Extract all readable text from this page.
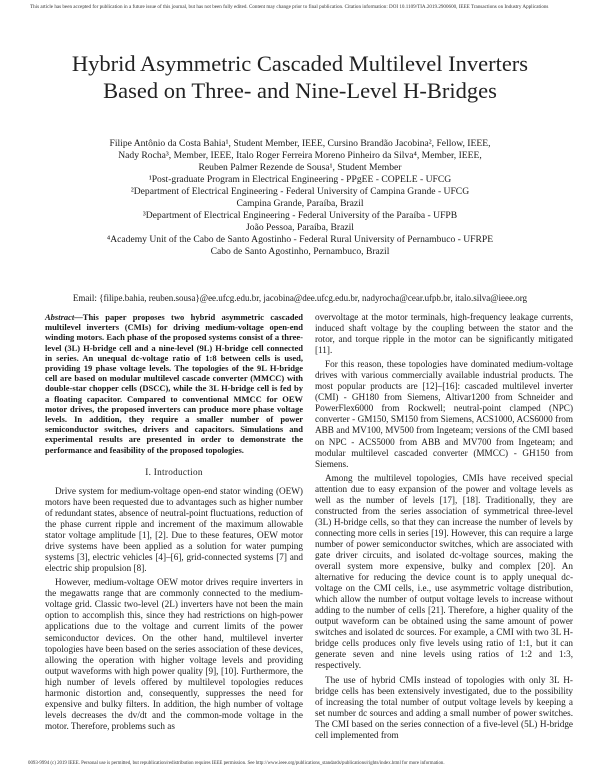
This article has been accepted for publication in a future issue of this journal, but has not been fully edited. Content may change prior to final publication. Citation information: DOI 10.1109/TIA.2019.2900600, IEEE Transactions on Industry Applications
Hybrid Asymmetric Cascaded Multilevel Inverters
Based on Three- and Nine-Level H-Bridges

Filipe Antônio da Costa Bahia¹, Student Member, IEEE, Cursino Brandão Jacobina², Fellow, IEEE,

Nady Rocha³, Member, IEEE, Italo Roger Ferreira Moreno Pinheiro da Silva⁴, Member, IEEE,

Reuben Palmer Rezende de Sousa¹, Student Member

¹Post-graduate Program in Electrical Engineering - PPgEE - COPELE - UFCG

²Department of Electrical Engineering - Federal University of Campina Grande - UFCG

Campina Grande, Paraíba, Brazil

³Department of Electrical Engineering - Federal University of the Paraíba - UFPB

João Pessoa, Paraíba, Brazil

⁴Academy Unit of the Cabo de Santo Agostinho - Federal Rural University of Pernambuco - UFRPE

Cabo de Santo Agostinho, Pernambuco, Brazil

Email: {filipe.bahia, reuben.sousa}@ee.ufcg.edu.br, jacobina@dee.ufcg.edu.br, nadyrocha@cear.ufpb.br, italo.silva@ieee.org

Abstract—This paper proposes two hybrid asymmetric cascaded multilevel inverters (CMIs) for driving medium-voltage open-end winding motors. Each phase of the proposed systems consist of a three-level (3L) H-bridge cell and a nine-level (9L) H-bridge cell connected in series. An unequal dc-voltage ratio of 1:8 between cells is used, providing 19 phase voltage levels. The topologies of the 9L H-bridge cell are based on modular multilevel cascade converter (MMCC) with double-star chopper cells (DSCC), while the 3L H-bridge cell is fed by a floating capacitor. Compared to conventional MMCC for OEW motor drives, the proposed inverters can produce more phase voltage levels. In addition, they require a smaller number of power semiconductor switches, drivers and capacitors. Simulations and experimental results are presented in order to demonstrate the performance and feasibility of the proposed topologies.

I. Introduction

Drive system for medium-voltage open-end stator winding (OEW) motors have been requested due to advantages such as higher number of redundant states, absence of neutral-point fluctuations, reduction of the phase current ripple and increment of the maximum allowable stator voltage amplitude [1], [2]. Due to these features, OEW motor drive systems have been applied as a solution for water pumping systems [3], electric vehicles [4]–[6], grid-connected systems [7] and electric ship propulsion [8].

However, medium-voltage OEW motor drives require inverters in the megawatts range that are commonly connected to the medium-voltage grid. Classic two-level (2L) inverters have not been the main option to accomplish this, since they had restrictions on high-power applications due to the voltage and current limits of the power semiconductor devices. On the other hand, multilevel inverter topologies have been based on the series association of these devices, allowing the operation with higher voltage levels and providing output waveforms with high power quality [9], [10]. Furthermore, the high number of levels offered by multilevel topologies reduces harmonic distortion and, consequently, suppresses the need for expensive and bulky filters. In addition, the high number of voltage levels decreases the dv/dt and the common-mode voltage in the motor. Therefore, problems such as

overvoltage at the motor terminals, high-frequency leakage currents, induced shaft voltage by the coupling between the stator and the rotor, and torque ripple in the motor can be significantly mitigated [11].

For this reason, these topologies have dominated medium-voltage drives with various commercially available industrial products. The most popular products are [12]–[16]: cascaded multilevel inverter (CMI) - GH180 from Siemens, Altivar1200 from Schneider and PowerFlex6000 from Rockwell; neutral-point clamped (NPC) converter - GM150, SM150 from Siemens, ACS1000, ACS6000 from ABB and MV100, MV500 from Ingeteam; versions of the CMI based on NPC - ACS5000 from ABB and MV700 from Ingeteam; and modular multilevel cascaded converter (MMCC) - GH150 from Siemens.

Among the multilevel topologies, CMIs have received special attention due to easy expansion of the power and voltage levels as well as the number of levels [17], [18]. Traditionally, they are constructed from the series association of symmetrical three-level (3L) H-bridge cells, so that they can increase the number of levels by connecting more cells in series [19]. However, this can require a large number of power semiconductor switches, which are associated with gate driver circuits, and isolated dc-voltage sources, making the overall system more expensive, bulky and complex [20]. An alternative for reducing the device count is to apply unequal dc-voltage on the CMI cells, i.e., use asymmetric voltage distribution, which allow the number of output voltage levels to increase without adding to the number of cells [21]. Therefore, a higher quality of the output waveform can be obtained using the same amount of power switches and isolated dc sources. For example, a CMI with two 3L H-bridge cells produces only five levels using ratio of 1:1, but it can generate seven and nine levels using ratios of 1:2 and 1:3, respectively.

The use of hybrid CMIs instead of topologies with only 3L H-bridge cells has been extensively investigated, due to the possibility of increasing the total number of output voltage levels by keeping a set number dc sources and adding a small number of power switches. The CMI based on the series connection of a five-level (5L) H-bridge cell implemented from

0093-9994 (c) 2019 IEEE. Personal use is permitted, but republication/redistribution requires IEEE permission. See http://www.ieee.org/publications_standards/publications/rights/index.html for more information.
